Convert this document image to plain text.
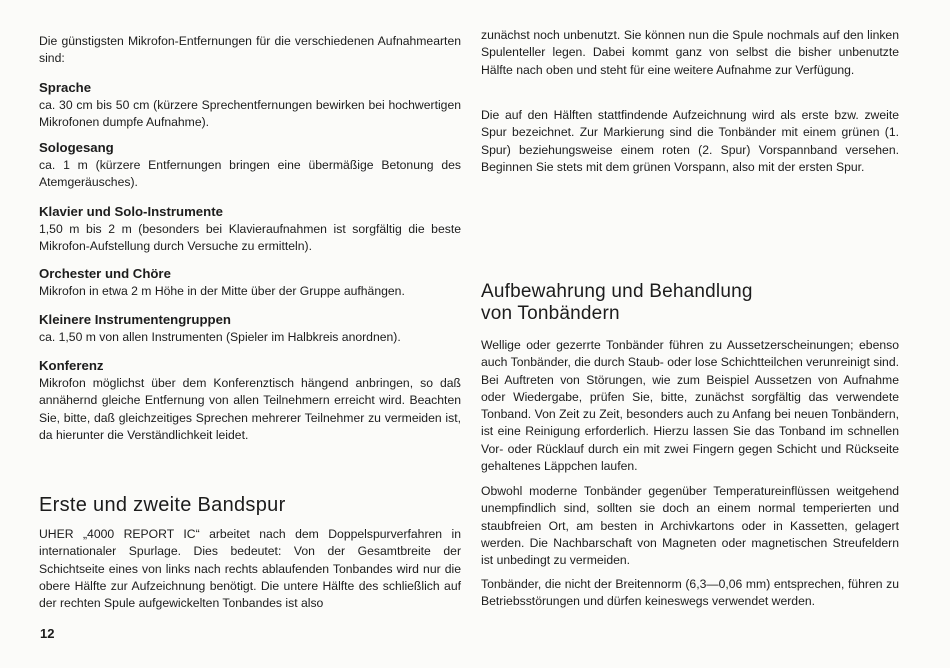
Die günstigsten Mikrofon-Entfernungen für die verschiedenen Aufnahmearten sind:

Sprache

ca. 30 cm bis 50 cm (kürzere Sprechentfernungen bewirken bei hochwertigen Mikrofonen dumpfe Aufnahme).

Sologesang

ca. 1 m (kürzere Entfernungen bringen eine übermäßige Betonung des Atemgeräusches).

Klavier und Solo-Instrumente

1,50 m bis 2 m (besonders bei Klavieraufnahmen ist sorgfältig die beste Mikrofon-Aufstellung durch Versuche zu ermitteln).

Orchester und Chöre

Mikrofon in etwa 2 m Höhe in der Mitte über der Gruppe aufhängen.

Kleinere Instrumentengruppen

ca. 1,50 m von allen Instrumenten (Spieler im Halbkreis anordnen).

Konferenz

Mikrofon möglichst über dem Konferenztisch hängend anbringen, so daß annähernd gleiche Entfernung von allen Teilnehmern erreicht wird. Beachten Sie, bitte, daß gleichzeitiges Sprechen mehrerer Teilnehmer zu vermeiden ist, da hierunter die Verständlichkeit leidet.

Erste und zweite Bandspur

UHER „4000 REPORT IC“ arbeitet nach dem Doppelspurverfahren in internationaler Spurlage. Dies bedeutet: Von der Gesamtbreite der Schichtseite eines von links nach rechts ablaufenden Tonbandes wird nur die obere Hälfte zur Aufzeichnung benötigt. Die untere Hälfte des schließlich auf der rechten Spule aufgewickelten Tonbandes ist also

zunächst noch unbenutzt. Sie können nun die Spule nochmals auf den linken Spulenteller legen. Dabei kommt ganz von selbst die bisher unbenutzte Hälfte nach oben und steht für eine weitere Aufnahme zur Verfügung.

Die auf den Hälften stattfindende Aufzeichnung wird als erste bzw. zweite Spur bezeichnet. Zur Markierung sind die Tonbänder mit einem grünen (1. Spur) beziehungsweise einem roten (2. Spur) Vorspannband versehen. Beginnen Sie stets mit dem grünen Vorspann, also mit der ersten Spur.

Aufbewahrung und Behandlung
von Tonbändern

Wellige oder gezerrte Tonbänder führen zu Aussetzerscheinungen; ebenso auch Tonbänder, die durch Staub- oder lose Schichtteilchen verunreinigt sind. Bei Auftreten von Störungen, wie zum Beispiel Aussetzen von Aufnahme oder Wiedergabe, prüfen Sie, bitte, zunächst sorgfältig das verwendete Tonband. Von Zeit zu Zeit, besonders auch zu Anfang bei neuen Tonbändern, ist eine Reinigung erforderlich. Hierzu lassen Sie das Tonband im schnellen Vor- oder Rücklauf durch ein mit zwei Fingern gegen Schicht und Rückseite gehaltenes Läppchen laufen.

Obwohl moderne Tonbänder gegenüber Temperatureinflüssen weitgehend unempfindlich sind, sollten sie doch an einem normal temperierten und staubfreien Ort, am besten in Archivkartons oder in Kassetten, gelagert werden. Die Nachbarschaft von Magneten oder magnetischen Streufeldern ist unbedingt zu vermeiden.

Tonbänder, die nicht der Breitennorm (6,3—0,06 mm) entsprechen, führen zu Betriebsstörungen und dürfen keineswegs verwendet werden.

12
